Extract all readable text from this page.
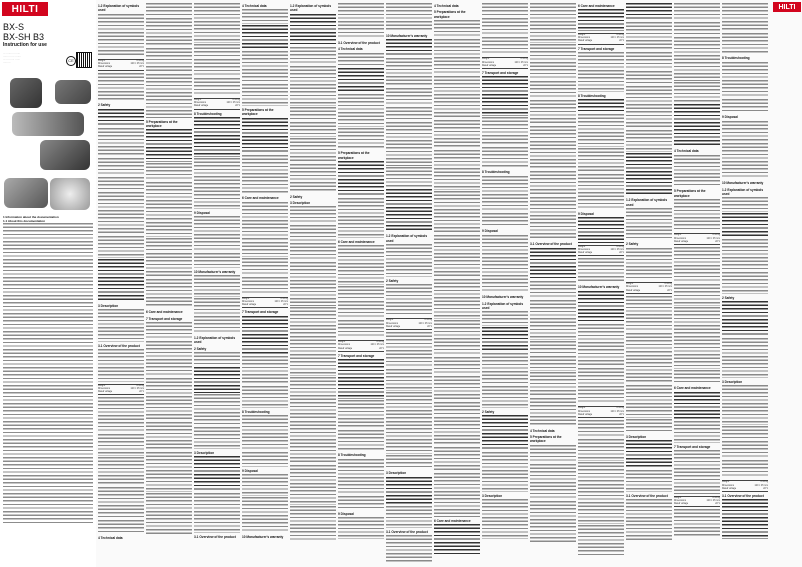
HILTI
BX-S
BX-SH B3
Instruction for use
··· ········· ·······
········ ····· ·······
··· ···· ····· ······
·········	CE
1 Information about the documentation
1.1 About this documentation

1.2 Explanation of symbols used
Weight	0.13 kg
Dimensions	120 × 45 mm
Rated voltage	22 V
2 Safety
3 Description
3.1 Overview of the product
Weight	0.13 kg
Dimensions	120 × 45 mm
Rated voltage	22 V
4 Technical data
5 Preparations at the workplace
6 Care and maintenance
7 Transport and storage
Weight	0.13 kg
Dimensions	120 × 45 mm
Rated voltage	22 V
8 Troubleshooting
9 Disposal
10 Manufacturer's warranty
1.2 Explanation of symbols used
2 Safety
3 Description
3.1 Overview of the product
4 Technical data
5 Preparations at the workplace
6 Care and maintenance
Weight	0.13 kg
Dimensions	120 × 45 mm
Rated voltage	22 V
7 Transport and storage
8 Troubleshooting
9 Disposal
10 Manufacturer's warranty
1.2 Explanation of symbols used
2 Safety
3 Description
3.1 Overview of the product
4 Technical data
5 Preparations at the workplace
6 Care and maintenance
Weight	0.13 kg
Dimensions	120 × 45 mm
Rated voltage	22 V
7 Transport and storage
8 Troubleshooting
9 Disposal
10 Manufacturer's warranty
1.2 Explanation of symbols used
2 Safety
Weight	0.13 kg
Dimensions	120 × 45 mm
Rated voltage	22 V
3 Description
3.1 Overview of the product
4 Technical data
5 Preparations at the workplace
6 Care and maintenance
Weight	0.13 kg
Dimensions	120 × 45 mm
Rated voltage	22 V
7 Transport and storage
8 Troubleshooting
9 Disposal
10 Manufacturer's warranty
1.2 Explanation of symbols used
2 Safety
3 Description
3.1 Overview of the product
4 Technical data
5 Preparations at the workplace
6 Care and maintenance
Weight	0.13 kg
Dimensions	120 × 45 mm
Rated voltage	22 V
7 Transport and storage
8 Troubleshooting
9 Disposal
Weight	0.13 kg
Dimensions	120 × 45 mm
Rated voltage	22 V
10 Manufacturer's warranty
Weight	0.13 kg
Dimensions	120 × 45 mm
Rated voltage	22 V
1.2 Explanation of symbols used
2 Safety
Weight	0.13 kg
Dimensions	120 × 45 mm
Rated voltage	22 V
3 Description
3.1 Overview of the product
4 Technical data
5 Preparations at the workplace
Weight	0.13 kg
Dimensions	120 × 45 mm
Rated voltage	22 V
6 Care and maintenance
7 Transport and storage
Weight	0.13 kg
Dimensions	120 × 45 mm
Rated voltage	22 V
8 Troubleshooting
9 Disposal
10 Manufacturer's warranty
1.2 Explanation of symbols used
2 Safety
3 Description
Weight	0.13 kg
Dimensions	120 × 45 mm
Rated voltage	22 V
3.1 Overview of the product
HILTI
